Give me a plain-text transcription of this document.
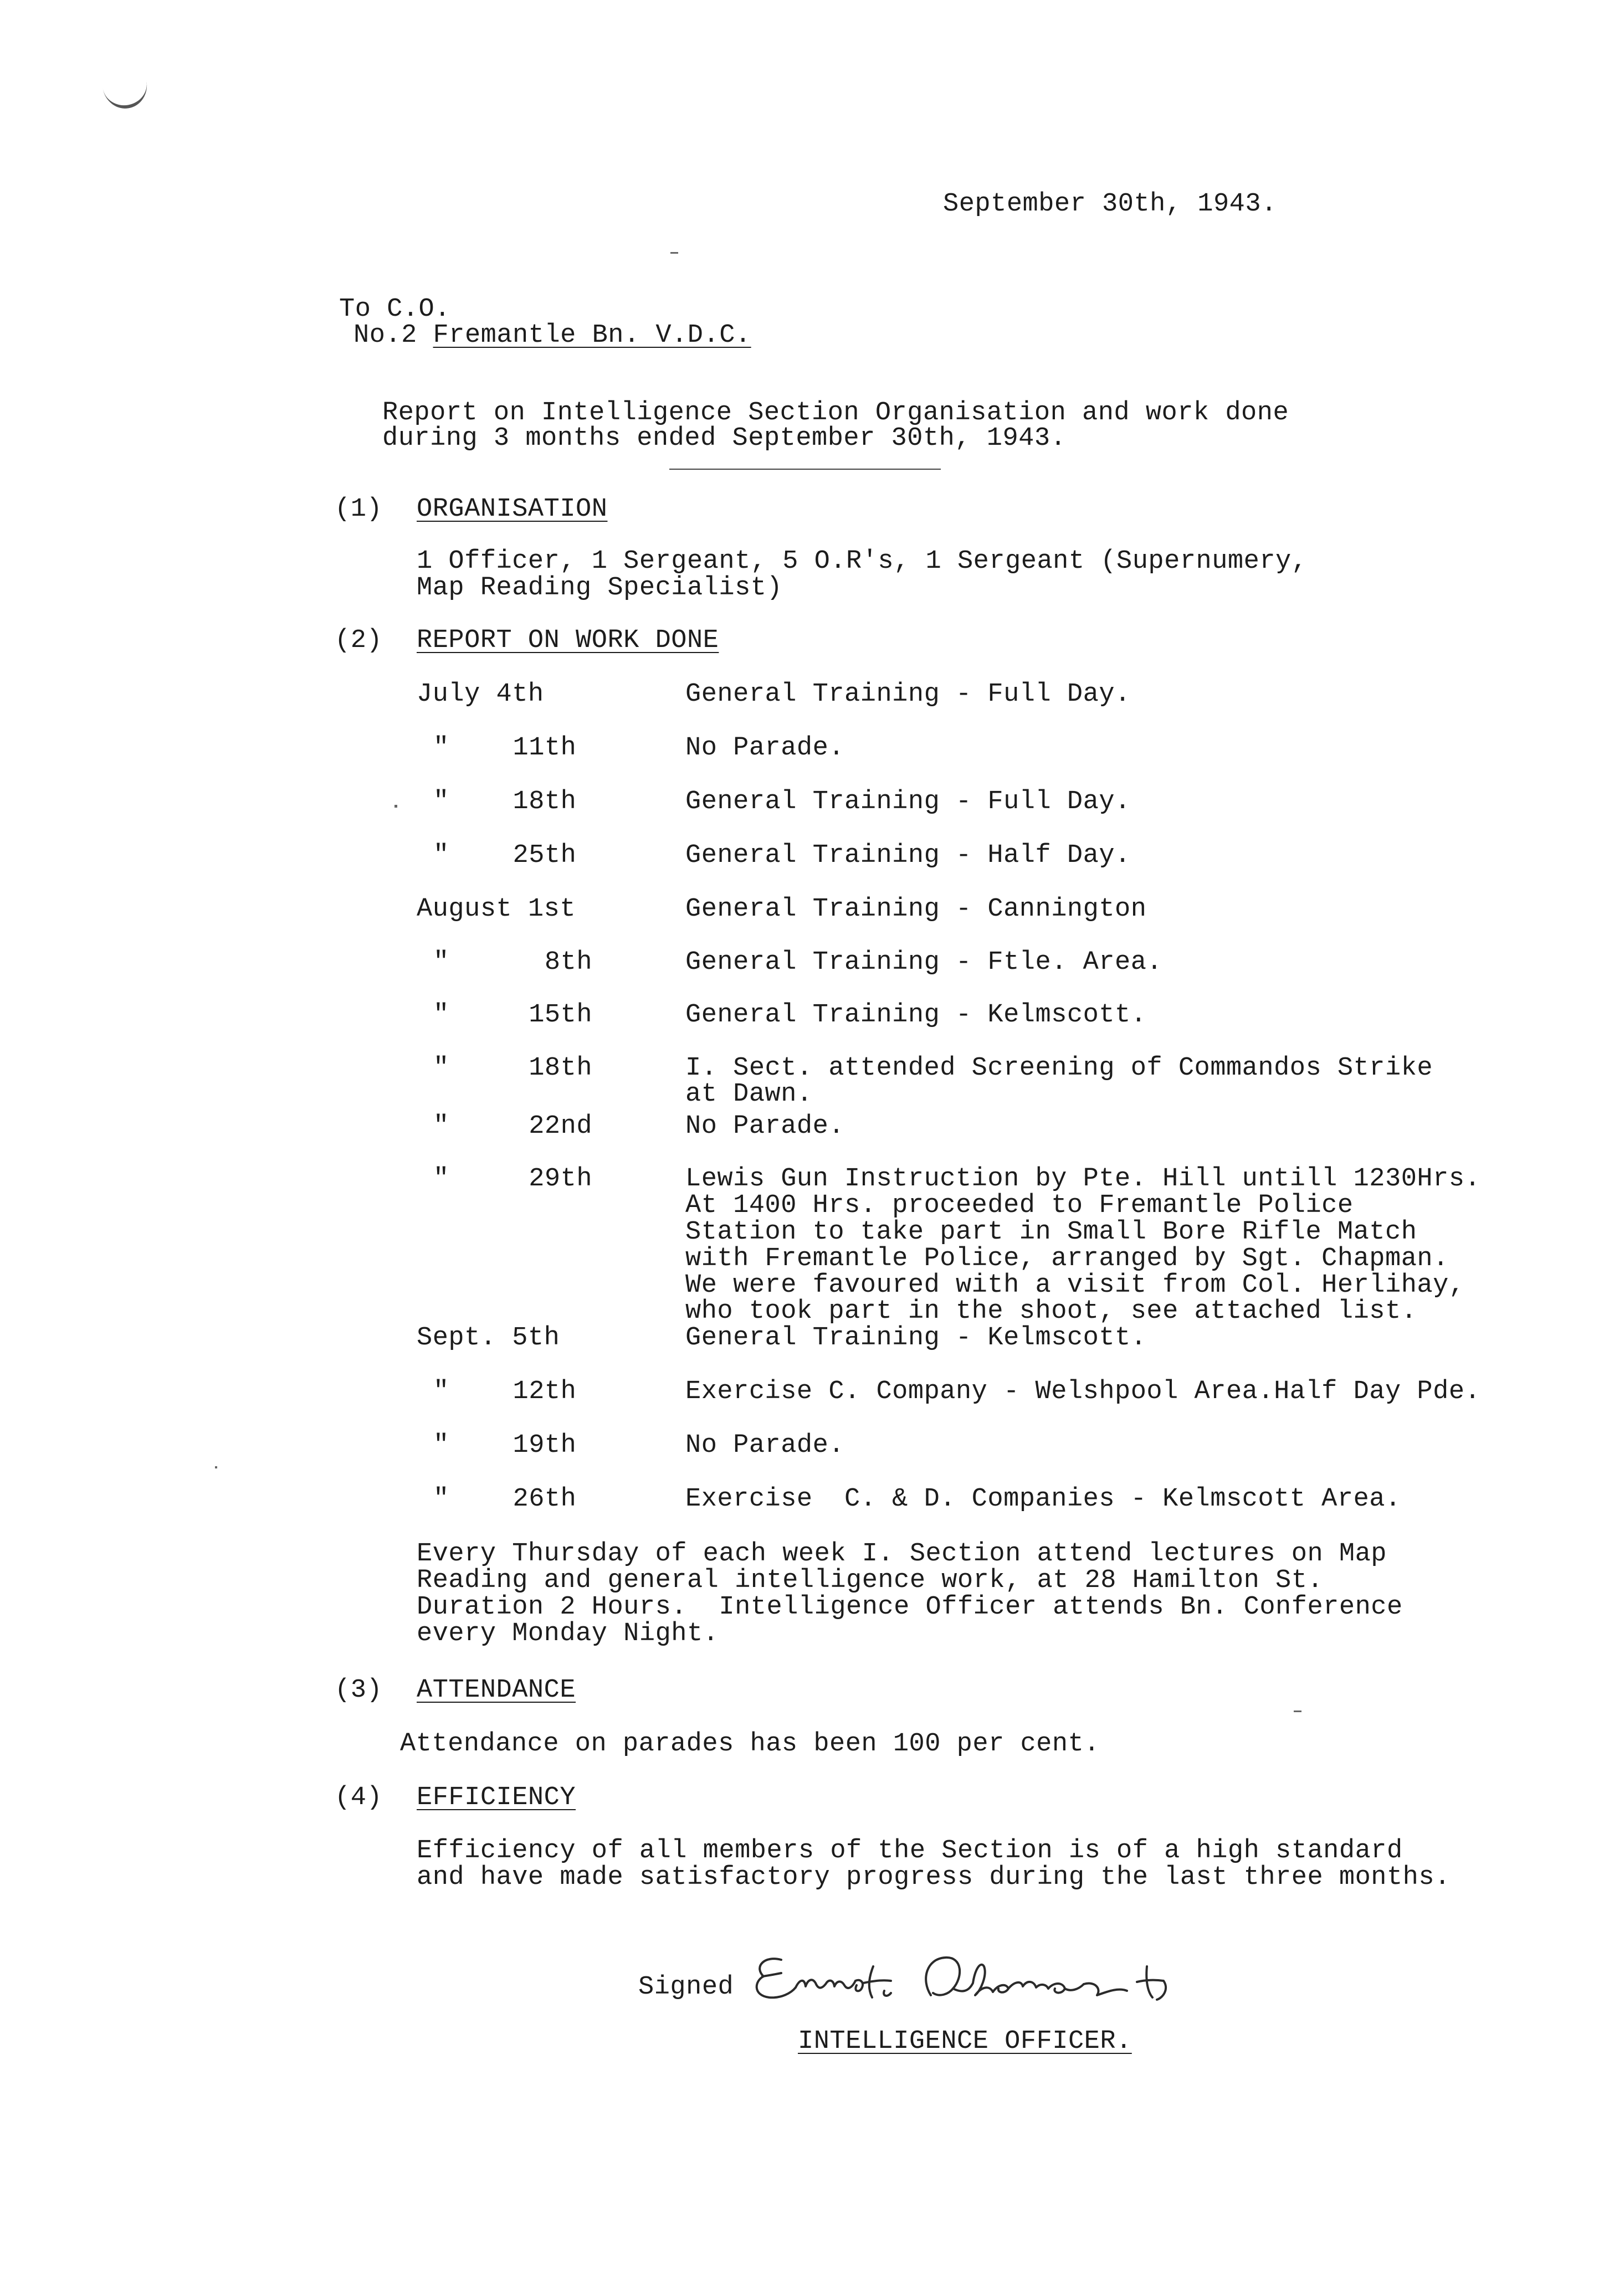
September 30th, 1943.
To C.O.
No.2 Fremantle Bn. V.D.C.
Report on Intelligence Section Organisation and work done
during 3 months ended September 30th, 1943.
(1) ORGANISATION
1 Officer, 1 Sergeant, 5 O.R's, 1 Sergeant (Supernumery,
Map Reading Specialist)
(2) REPORT ON WORK DONE
July 4th	General Training - Full Day.
"    11th	No Parade.
"    18th	General Training - Full Day.
"    25th	General Training - Half Day.
August 1st	General Training - Cannington
"      8th	General Training - Ftle. Area.
"     15th	General Training - Kelmscott.
"     18th	I. Sect. attended Screening of Commandos Strike
at Dawn.
"     22nd	No Parade.
"     29th	Lewis Gun Instruction by Pte. Hill untill 1230Hrs.
At 1400 Hrs. proceeded to Fremantle Police
Station to take part in Small Bore Rifle Match
with Fremantle Police, arranged by Sgt. Chapman.
We were favoured with a visit from Col. Herlihay,
who took part in the shoot, see attached list.
Sept. 5th	General Training - Kelmscott.
"    12th	Exercise C. Company - Welshpool Area.Half Day Pde.
"    19th	No Parade.
"    26th	Exercise  C. & D. Companies - Kelmscott Area.
Every Thursday of each week I. Section attend lectures on Map
Reading and general intelligence work, at 28 Hamilton St.
Duration 2 Hours.  Intelligence Officer attends Bn. Conference
every Monday Night.
(3) ATTENDANCE
Attendance on parades has been 100 per cent.
(4) EFFICIENCY
Efficiency of all members of the Section is of a high standard
and have made satisfactory progress during the last three months.
Signed
INTELLIGENCE OFFICER.
